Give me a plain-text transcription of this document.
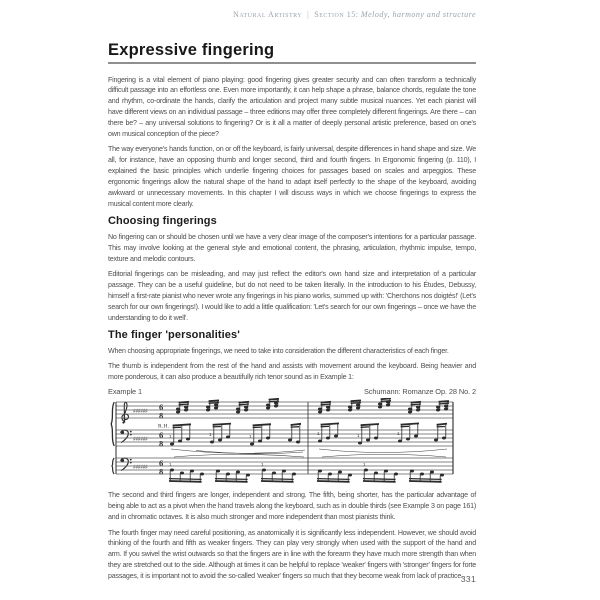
Natural Artistry | Section 15: Melody, harmony and structure
Expressive fingering

Fingering is a vital element of piano playing: good fingering gives greater security and can often transform a technically difficult passage into an effortless one. Even more importantly, it can help shape a phrase, balance chords, regulate the tone and rhythm, co-ordinate the hands, clarify the articulation and project many subtle musical nuances. Yet each pianist will have different views on an individual passage – three editions may offer three completely different fingerings. Are there – can there be? – any universal solutions to fingering? Or is it all a matter of deeply personal artistic preference, based on one's own musical conception of the piece?

The way everyone's hands function, on or off the keyboard, is fairly universal, despite differences in hand shape and size. We all, for instance, have an opposing thumb and longer second, third and fourth fingers. In Ergonomic fingering (p. 110), I explained the basic principles which underlie fingering choices for passages based on scales and arpeggios. These ergonomic fingerings allow the natural shape of the hand to adapt itself perfectly to the shape of the keyboard, avoiding awkward or unnecessary movements. In this chapter I will discuss ways in which we choose fingerings to express the musical content more clearly.

Choosing fingerings

No fingering can or should be chosen until we have a very clear image of the composer's intentions for a particular passage. This may involve looking at the general style and emotional content, the phrasing, articulation, rhythmic impulse, tempo, texture and melodic contours.

Editorial fingerings can be misleading, and may just reflect the editor's own hand size and interpretation of a particular passage. They can be a useful guideline, but do not need to be taken literally. In the introduction to his Études, Debussy, himself a first-rate pianist who never wrote any fingerings in his piano works, summed up with: 'Cherchons nos doigtés!' (Let's search for our own fingerings!). I would like to add a little qualification: 'Let's search for our own fingerings – once we have the understanding to do it well'.

The finger 'personalities'

When choosing appropriate fingerings, we need to take into consideration the different characteristics of each finger.

The thumb is independent from the rest of the hand and assists with movement around the keyboard. Being heavier and more ponderous, it can also produce a beautifully rich tenor sound as in Example 1:

Example 1	Schumann: Romanze Op. 28 No. 2
♯♯♯♯♯♯
♯♯♯♯♯♯
♯♯♯♯♯♯
6
8
6
8
6
8
R.H.
1	1	1
1	1	1
1	1	1

The second and third fingers are longer, independent and strong. The fifth, being shorter, has the particular advantage of being able to act as a pivot when the hand travels along the keyboard, such as in double thirds (see Example 3 on page 161) and in chromatic octaves. It is also much stronger and more independent than most pianists think.

The fourth finger may need careful positioning, as anatomically it is significantly less independent. However, we should avoid thinking of the fourth and fifth as weaker fingers. They can play very strongly when used with the support of the hand and arm. If you swivel the wrist outwards so that the fingers are in line with the forearm they have much more strength than when they are stretched out to the side. Although at times it can be helpful to replace 'weaker' fingers with 'stronger' fingers for forte passages, it is important not to avoid the so-called 'weaker' fingers so much that they become weak from lack of practice.

331
